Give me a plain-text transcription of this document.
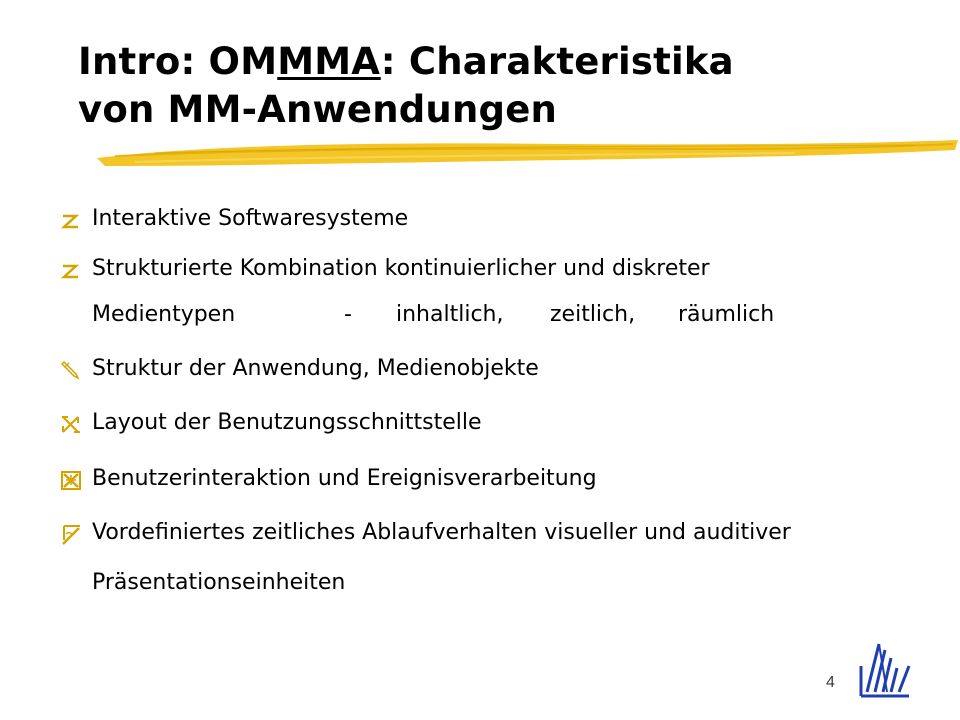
Intro: OMMMA: Charakteristika
von MM-Anwendungen
Interaktive Softwaresysteme
Strukturierte Kombination kontinuierlicher und diskreter
Medientypen	- inhaltlich, zeitlich, räumlich
Struktur der Anwendung, Medienobjekte
Layout der Benutzungsschnittstelle
Benutzerinteraktion und Ereignisverarbeitung
Vordefiniertes zeitliches Ablaufverhalten visueller und auditiver
Präsentationseinheiten
4
